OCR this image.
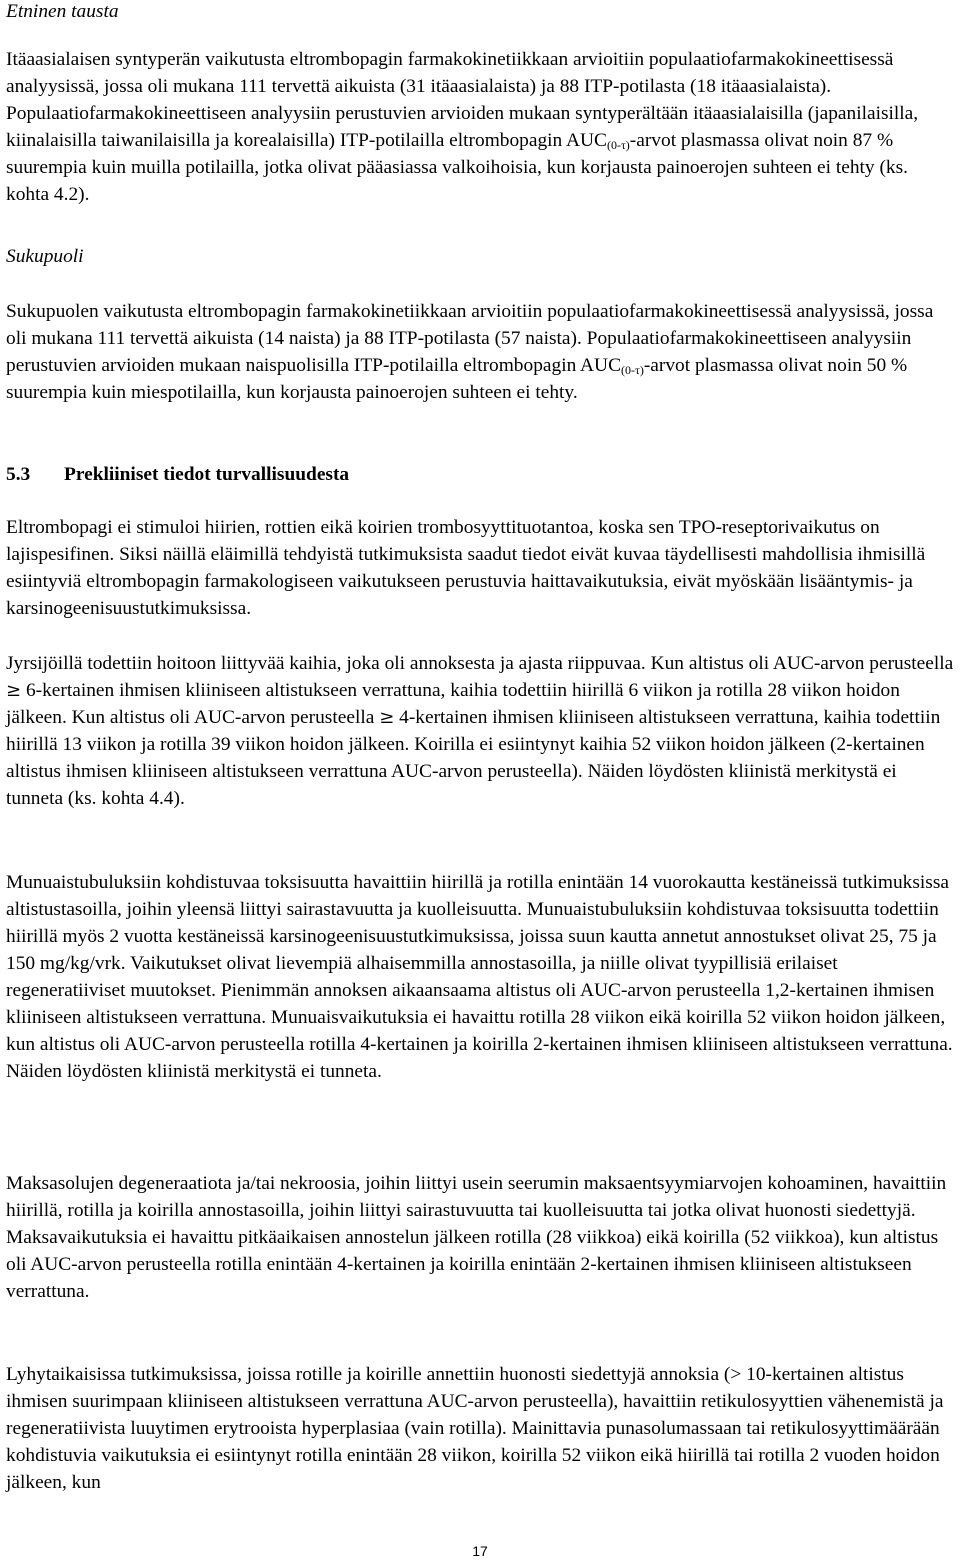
Etninen tausta

Itäaasialaisen syntyperän vaikutusta eltrombopagin farmakokinetiikkaan arvioitiin populaatiofarmakokineettisessä analyysissä, jossa oli mukana 111 tervettä aikuista (31 itäaasialaista) ja 88 ITP-potilasta (18 itäaasialaista). Populaatiofarmakokineettiseen analyysiin perustuvien arvioiden mukaan syntyperältään itäaasialaisilla (japanilaisilla, kiinalaisilla taiwanilaisilla ja korealaisilla) ITP-potilailla eltrombopagin $AUC_{(0-\tau)}$-arvot plasmassa olivat noin 87 % suurempia kuin muilla potilailla, jotka olivat pääasiassa valkoihoisia, kun korjausta painoerojen suhteen ei tehty (ks. kohta 4.2).

Sukupuoli

Sukupuolen vaikutusta eltrombopagin farmakokinetiikkaan arvioitiin populaatiofarmakokineettisessä analyysissä, jossa oli mukana 111 tervettä aikuista (14 naista) ja 88 ITP-potilasta (57 naista). Populaatiofarmakokineettiseen analyysiin perustuvien arvioiden mukaan naispuolisilla ITP-potilailla eltrombopagin $AUC_{(0-\tau)}$-arvot plasmassa olivat noin 50 % suurempia kuin miespotilailla, kun korjausta painoerojen suhteen ei tehty.

5.3 Prekliiniset tiedot turvallisuudesta

Eltrombopagi ei stimuloi hiirien, rottien eikä koirien trombosyyttituotantoa, koska sen TPO-reseptorivaikutus on lajispesifinen. Siksi näillä eläimillä tehdyistä tutkimuksista saadut tiedot eivät kuvaa täydellisesti mahdollisia ihmisillä esiintyviä eltrombopagin farmakologiseen vaikutukseen perustuvia haittavaikutuksia, eivät myöskään lisääntymis- ja karsinogeenisuustutkimuksissa.

Jyrsijöillä todettiin hoitoon liittyvää kaihia, joka oli annoksesta ja ajasta riippuvaa. Kun altistus oli AUC-arvon perusteella ≥ 6-kertainen ihmisen kliiniseen altistukseen verrattuna, kaihia todettiin hiirillä 6 viikon ja rotilla 28 viikon hoidon jälkeen. Kun altistus oli AUC-arvon perusteella ≥ 4-kertainen ihmisen kliiniseen altistukseen verrattuna, kaihia todettiin hiirillä 13 viikon ja rotilla 39 viikon hoidon jälkeen. Koirilla ei esiintynyt kaihia 52 viikon hoidon jälkeen (2-kertainen altistus ihmisen kliiniseen altistukseen verrattuna AUC-arvon perusteella). Näiden löydösten kliinistä merkitystä ei tunneta (ks. kohta 4.4).

Munuaistubuluksiin kohdistuvaa toksisuutta havaittiin hiirillä ja rotilla enintään 14 vuorokautta kestäneissä tutkimuksissa altistustasoilla, joihin yleensä liittyi sairastavuutta ja kuolleisuutta. Munuaistubuluksiin kohdistuvaa toksisuutta todettiin hiirillä myös 2 vuotta kestäneissä karsinogeenisuustutkimuksissa, joissa suun kautta annetut annostukset olivat 25, 75 ja 150 mg/kg/vrk. Vaikutukset olivat lievempiä alhaisemmilla annostasoilla, ja niille olivat tyypillisiä erilaiset regeneratiiviset muutokset. Pienimmän annoksen aikaansaama altistus oli AUC-arvon perusteella 1,2-kertainen ihmisen kliiniseen altistukseen verrattuna. Munuaisvaikutuksia ei havaittu rotilla 28 viikon eikä koirilla 52 viikon hoidon jälkeen, kun altistus oli AUC-arvon perusteella rotilla 4-kertainen ja koirilla 2-kertainen ihmisen kliiniseen altistukseen verrattuna. Näiden löydösten kliinistä merkitystä ei tunneta.

Maksasolujen degeneraatiota ja/tai nekroosia, joihin liittyi usein seerumin maksaentsyymiarvojen kohoaminen, havaittiin hiirillä, rotilla ja koirilla annostasoilla, joihin liittyi sairastuvuutta tai kuolleisuutta tai jotka olivat huonosti siedettyjä. Maksavaikutuksia ei havaittu pitkäaikaisen annostelun jälkeen rotilla (28 viikkoa) eikä koirilla (52 viikkoa), kun altistus oli AUC-arvon perusteella rotilla enintään 4-kertainen ja koirilla enintään 2-kertainen ihmisen kliiniseen altistukseen verrattuna.

Lyhytaikaisissa tutkimuksissa, joissa rotille ja koirille annettiin huonosti siedettyjä annoksia (> 10-kertainen altistus ihmisen suurimpaan kliiniseen altistukseen verrattuna AUC-arvon perusteella), havaittiin retikulosyyttien vähenemistä ja regeneratiivista luuytimen erytrooista hyperplasiaa (vain rotilla). Mainittavia punasolumassaan tai retikulosyyttimäärään kohdistuvia vaikutuksia ei esiintynyt rotilla enintään 28 viikon, koirilla 52 viikon eikä hiirillä tai rotilla 2 vuoden hoidon jälkeen, kun

17
